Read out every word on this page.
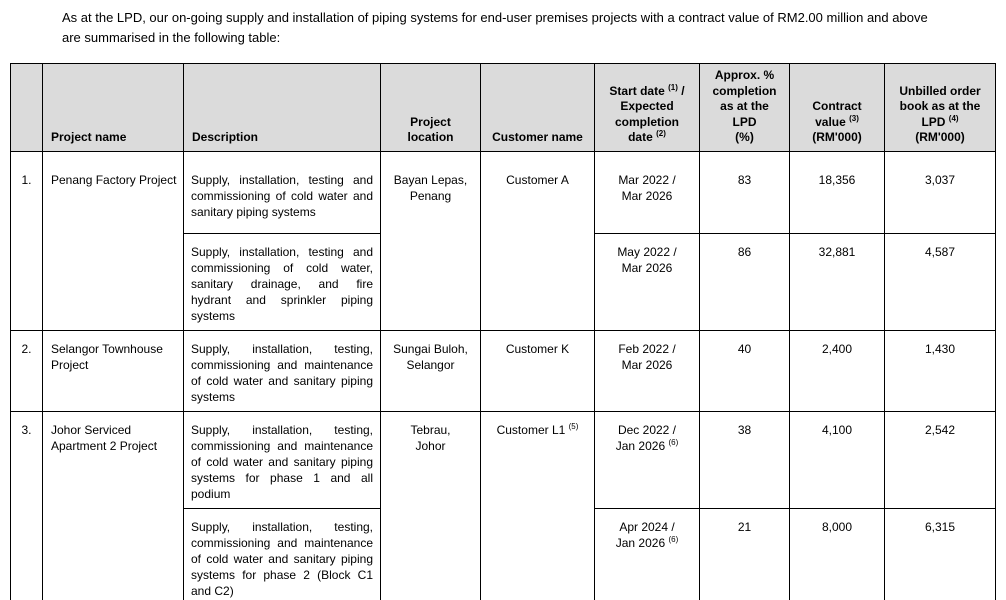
As at the LPD, our on-going supply and installation of piping systems for end-user premises projects with a contract value of RM2.00 million and above are summarised in the following table:

	Project name	Description	Project
location	Customer name	Start date $^{(1)}$ /
Expected
completion
date $^{(2)}$	Approx. %
completion
as at the
LPD
(%)	Contract
value $^{(3)}$
(RM'000)	Unbilled order
book as at the
LPD $^{(4)}$
(RM'000)

1.	Penang Factory Project	Supply, installation, testing and commissioning of cold water and sanitary piping systems	Bayan Lepas,
Penang	Customer A	Mar 2022 /
Mar 2026	83	18,356	3,037
		Supply, installation, testing and commissioning of cold water, sanitary drainage, and fire hydrant and sprinkler piping systems			May 2022 /
Mar 2026	86	32,881	4,587
2.	Selangor Townhouse Project	Supply, installation, testing, commissioning and maintenance of cold water and sanitary piping systems	Sungai Buloh,
Selangor	Customer K	Feb 2022 /
Mar 2026	40	2,400	1,430
3.	Johor Serviced Apartment 2 Project	Supply, installation, testing, commissioning and maintenance of cold water and sanitary piping systems for phase 1 and all podium	Tebrau,
Johor	Customer L1 $^{(5)}$	Dec 2022 /
Jan 2026 $^{(6)}$	38	4,100	2,542
		Supply, installation, testing, commissioning and maintenance of cold water and sanitary piping systems for phase 2 (Block C1 and C2)			Apr 2024 /
Jan 2026 $^{(6)}$	21	8,000	6,315
